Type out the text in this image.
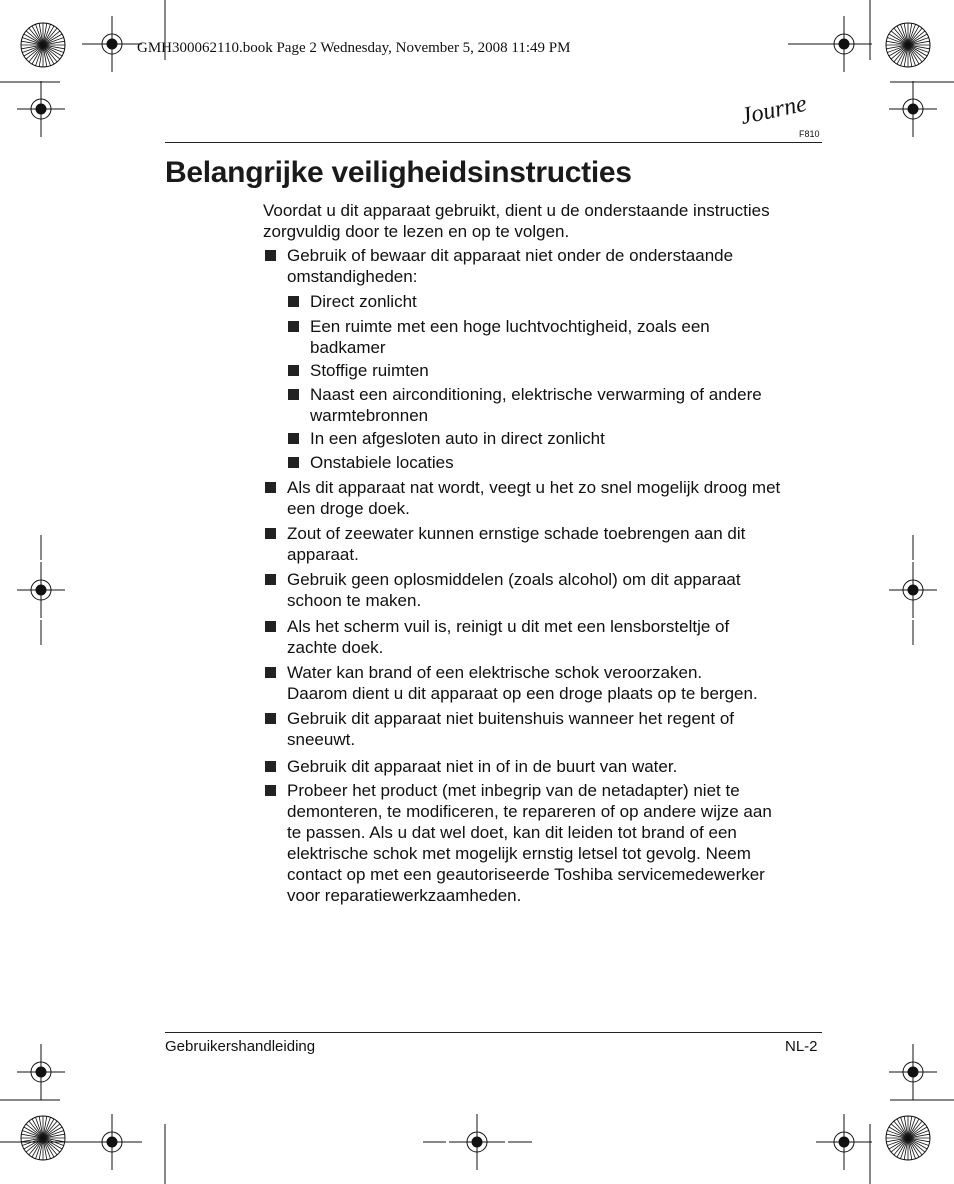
GMH300062110.book Page 2 Wednesday, November 5, 2008 11:49 PM
Journe
F810
Belangrijke veiligheidsinstructies

Voordat u dit apparaat gebruikt, dient u de onderstaande instructies zorgvuldig door te lezen en op te volgen.

Gebruik of bewaar dit apparaat niet onder de onderstaande
omstandigheden:
Direct zonlicht
Een ruimte met een hoge luchtvochtigheid, zoals een
badkamer
Stoffige ruimten
Naast een airconditioning, elektrische verwarming of andere
warmtebronnen
In een afgesloten auto in direct zonlicht
Onstabiele locaties
Als dit apparaat nat wordt, veegt u het zo snel mogelijk droog met
een droge doek.
Zout of zeewater kunnen ernstige schade toebrengen aan dit
apparaat.
Gebruik geen oplosmiddelen (zoals alcohol) om dit apparaat
schoon te maken.
Als het scherm vuil is, reinigt u dit met een lensborsteltje of
zachte doek.
Water kan brand of een elektrische schok veroorzaken.
Daarom dient u dit apparaat op een droge plaats op te bergen.
Gebruik dit apparaat niet buitenshuis wanneer het regent of
sneeuwt.
Gebruik dit apparaat niet in of in de buurt van water.
Probeer het product (met inbegrip van de netadapter) niet te
demonteren, te modificeren, te repareren of op andere wijze aan
te passen. Als u dat wel doet, kan dit leiden tot brand of een
elektrische schok met mogelijk ernstig letsel tot gevolg. Neem
contact op met een geautoriseerde Toshiba servicemedewerker
voor reparatiewerkzaamheden.
Gebruikershandleiding	NL-2
